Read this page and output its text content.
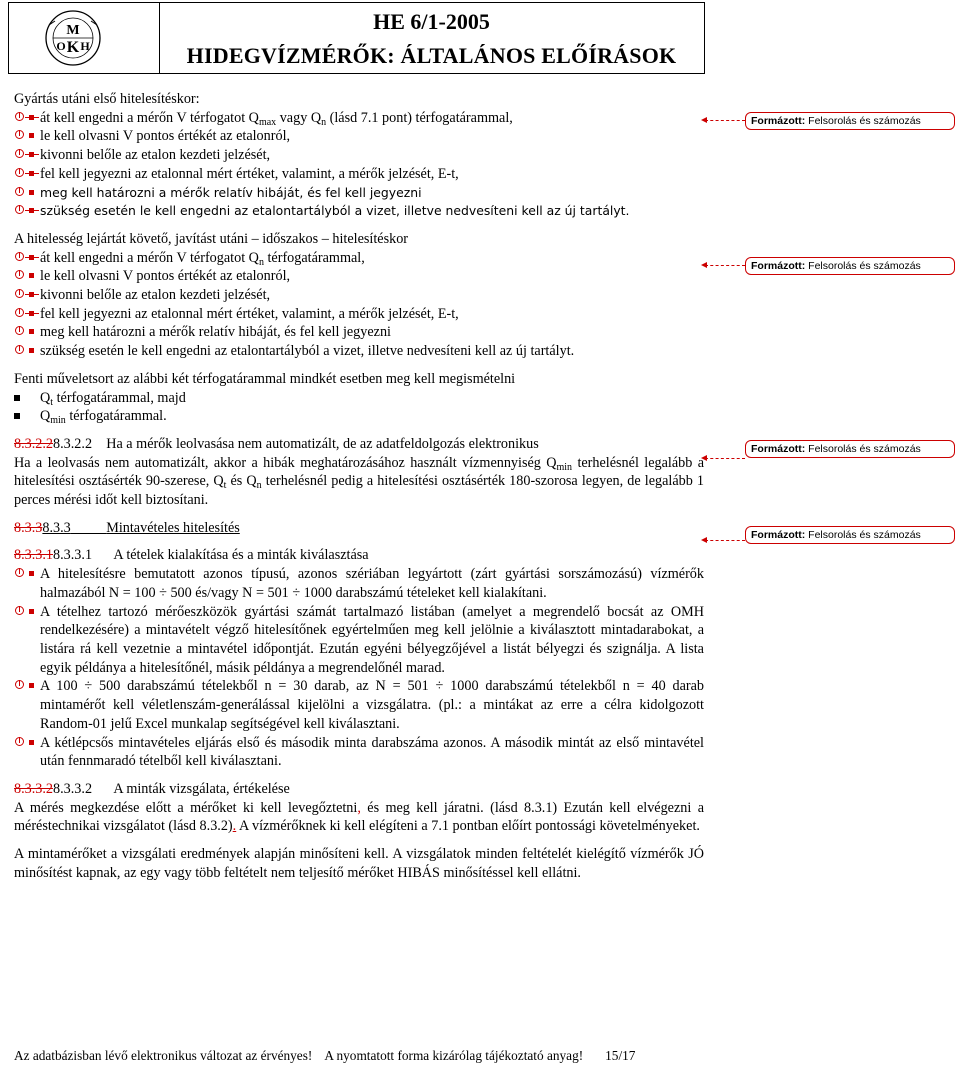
M
O K H
HE 6/1-2005
HIDEGVÍZMÉRŐK: ÁLTALÁNOS ELŐÍRÁSOK

Gyártás utáni első hitelesítéskor:

át kell engedni a mérőn V térfogatot $Q_{max}$ vagy $Q_n$ (lásd 7.1 pont) térfogatárammal,
le kell olvasni V pontos értékét az etalonról,
kivonni belőle az etalon kezdeti jelzését,
fel kell jegyezni az etalonnal mért értéket, valamint, a mérők jelzését, E-t,
meg kell határozni a mérők relatív hibáját, és fel kell jegyezni
szükség esetén le kell engedni az etalontartályból a vizet, illetve nedvesíteni kell az új tartályt.

A hitelesség lejártát követő, javítást utáni – időszakos – hitelesítéskor

át kell engedni a mérőn V térfogatot $Q_n$ térfogatárammal,
le kell olvasni V pontos értékét az etalonról,
kivonni belőle az etalon kezdeti jelzését,
fel kell jegyezni az etalonnal mért értéket, valamint, a mérők jelzését, E-t,
meg kell határozni a mérők relatív hibáját, és fel kell jegyezni
szükség esetén le kell engedni az etalontartályból a vizet, illetve nedvesíteni kell az új tartályt.

Fenti műveletsort az alábbi két térfogatárammal mindkét esetben meg kell megismételni

$Q_t$ térfogatárammal, majd
$Q_{min}$ térfogatárammal.

8.3.2.28.3.2.2 Ha a mérők leolvasása nem automatizált, de az adatfeldolgozás elektronikus

Ha a leolvasás nem automatizált, akkor a hibák meghatározásához használt vízmennyiség $Q_{min}$ terhelésnél legalább a hitelesítési osztásérték 90-szerese, $Q_t$ és $Q_n$ terhelésnél pedig a hitelesítési osztásérték 180-szorosa legyen, de legalább 1 perces mérési időt kell biztosítani.

8.3.38.3.3 Mintavételes hitelesítés

8.3.3.18.3.3.1 A tételek kialakítása és a minták kiválasztása

A hitelesítésre bemutatott azonos típusú, azonos szériában legyártott (zárt gyártási sorszámozású) vízmérők halmazából N = 100 ÷ 500 és/vagy N = 501 ÷ 1000 darabszámú tételeket kell kialakítani.
A tételhez tartozó mérőeszközök gyártási számát tartalmazó listában (amelyet a megrendelő bocsát az OMH rendelkezésére) a mintavételt végző hitelesítőnek egyértelműen meg kell jelölnie a kiválasztott mintadarabokat, a listára rá kell vezetnie a mintavétel időpontját. Ezután egyéni bélyegzőjével a listát bélyegzi és szignálja. A lista egyik példánya a hitelesítőnél, másik példánya a megrendelőnél marad.
A 100 ÷ 500 darabszámú tételekből n = 30 darab, az N = 501 ÷ 1000 darabszámú tételekből n = 40 darab mintamérőt kell véletlenszám-generálással kijelölni a vizsgálatra. (pl.: a mintákat az erre a célra kidolgozott Random-01 jelű Excel munkalap segítségével kell kiválasztani.
A kétlépcsős mintavételes eljárás első és második minta darabszáma azonos. A második mintát az első mintavétel után fennmaradó tételből kell kiválasztani.

8.3.3.28.3.3.2 A minták vizsgálata, értékelése

A mérés megkezdése előtt a mérőket ki kell levegőztetni, és meg kell járatni. (lásd 8.3.1) Ezután kell elvégezni a méréstechnikai vizsgálatot (lásd 8.3.2). A vízmérőknek ki kell elégíteni a 7.1 pontban előírt pontossági követelményeket.

A mintamérőket a vizsgálati eredmények alapján minősíteni kell. A vizsgálatok minden feltételét kielégítő vízmérők JÓ minősítést kapnak, az egy vagy több feltételt nem teljesítő mérőket HIBÁS minősítéssel kell ellátni.

Formázott: Felsorolás és számozás
Formázott: Felsorolás és számozás
Formázott: Felsorolás és számozás
Formázott: Felsorolás és számozás
Az adatbázisban lévő elektronikus változat az érvényes! A nyomtatott forma kizárólag tájékoztató anyag! 15/17
